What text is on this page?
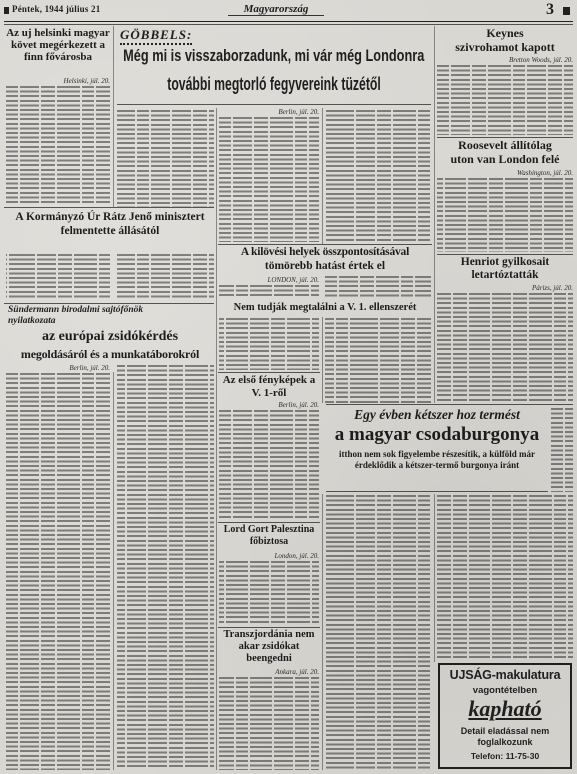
Péntek, 1944 július 21	Magyarország	3
Az uj helsinki magyar követ megérkezett a finn fővárosba
Helsinki, júl. 20.
A Kormányzó Úr Rátz Jenő minisztert felmentette állásától
Sündermann birodalmi sajtófőnök nyilatkozata
az európai zsidókérdés
megoldásáról és a munkatáborokról
Berlin, júl. 20.
GÖBBELS:
Még mi is visszaborzadunk, mi vár még Londonra
további megtorló fegyvereink tüzétől
Berlin, júl. 20.
A kilövési helyek összpontosításával
tömörebb hatást értek el
LONDON, júl. 20.
Nem tudják megtalálni a V. 1. ellenszerét
Az első fényképek a V. 1-ről
Berlin, júl. 20.
Lord Gort Palesztina főbiztosa
London, júl. 20.
Transzjordánia nem akar zsidókat beengedni
Ankara, júl. 20.
Keynes
szivrohamot kapott
Bretton Woods, júl. 20.
Roosevelt állítólag
uton van London felé
Washington, júl. 20.
Henriot gyilkosait
letartóztatták
Párizs, júl. 20.
Egy évben kétszer hoz termést
a magyar csodaburgonya
itthon nem sok figyelembe részesítik, a külföld már érdeklődik a kétszer-termő burgonya iránt
UJSÁG-makulatura
vagontételben
kapható
Detail eladással nem foglalkozunk
Telefon: 11-75-30
